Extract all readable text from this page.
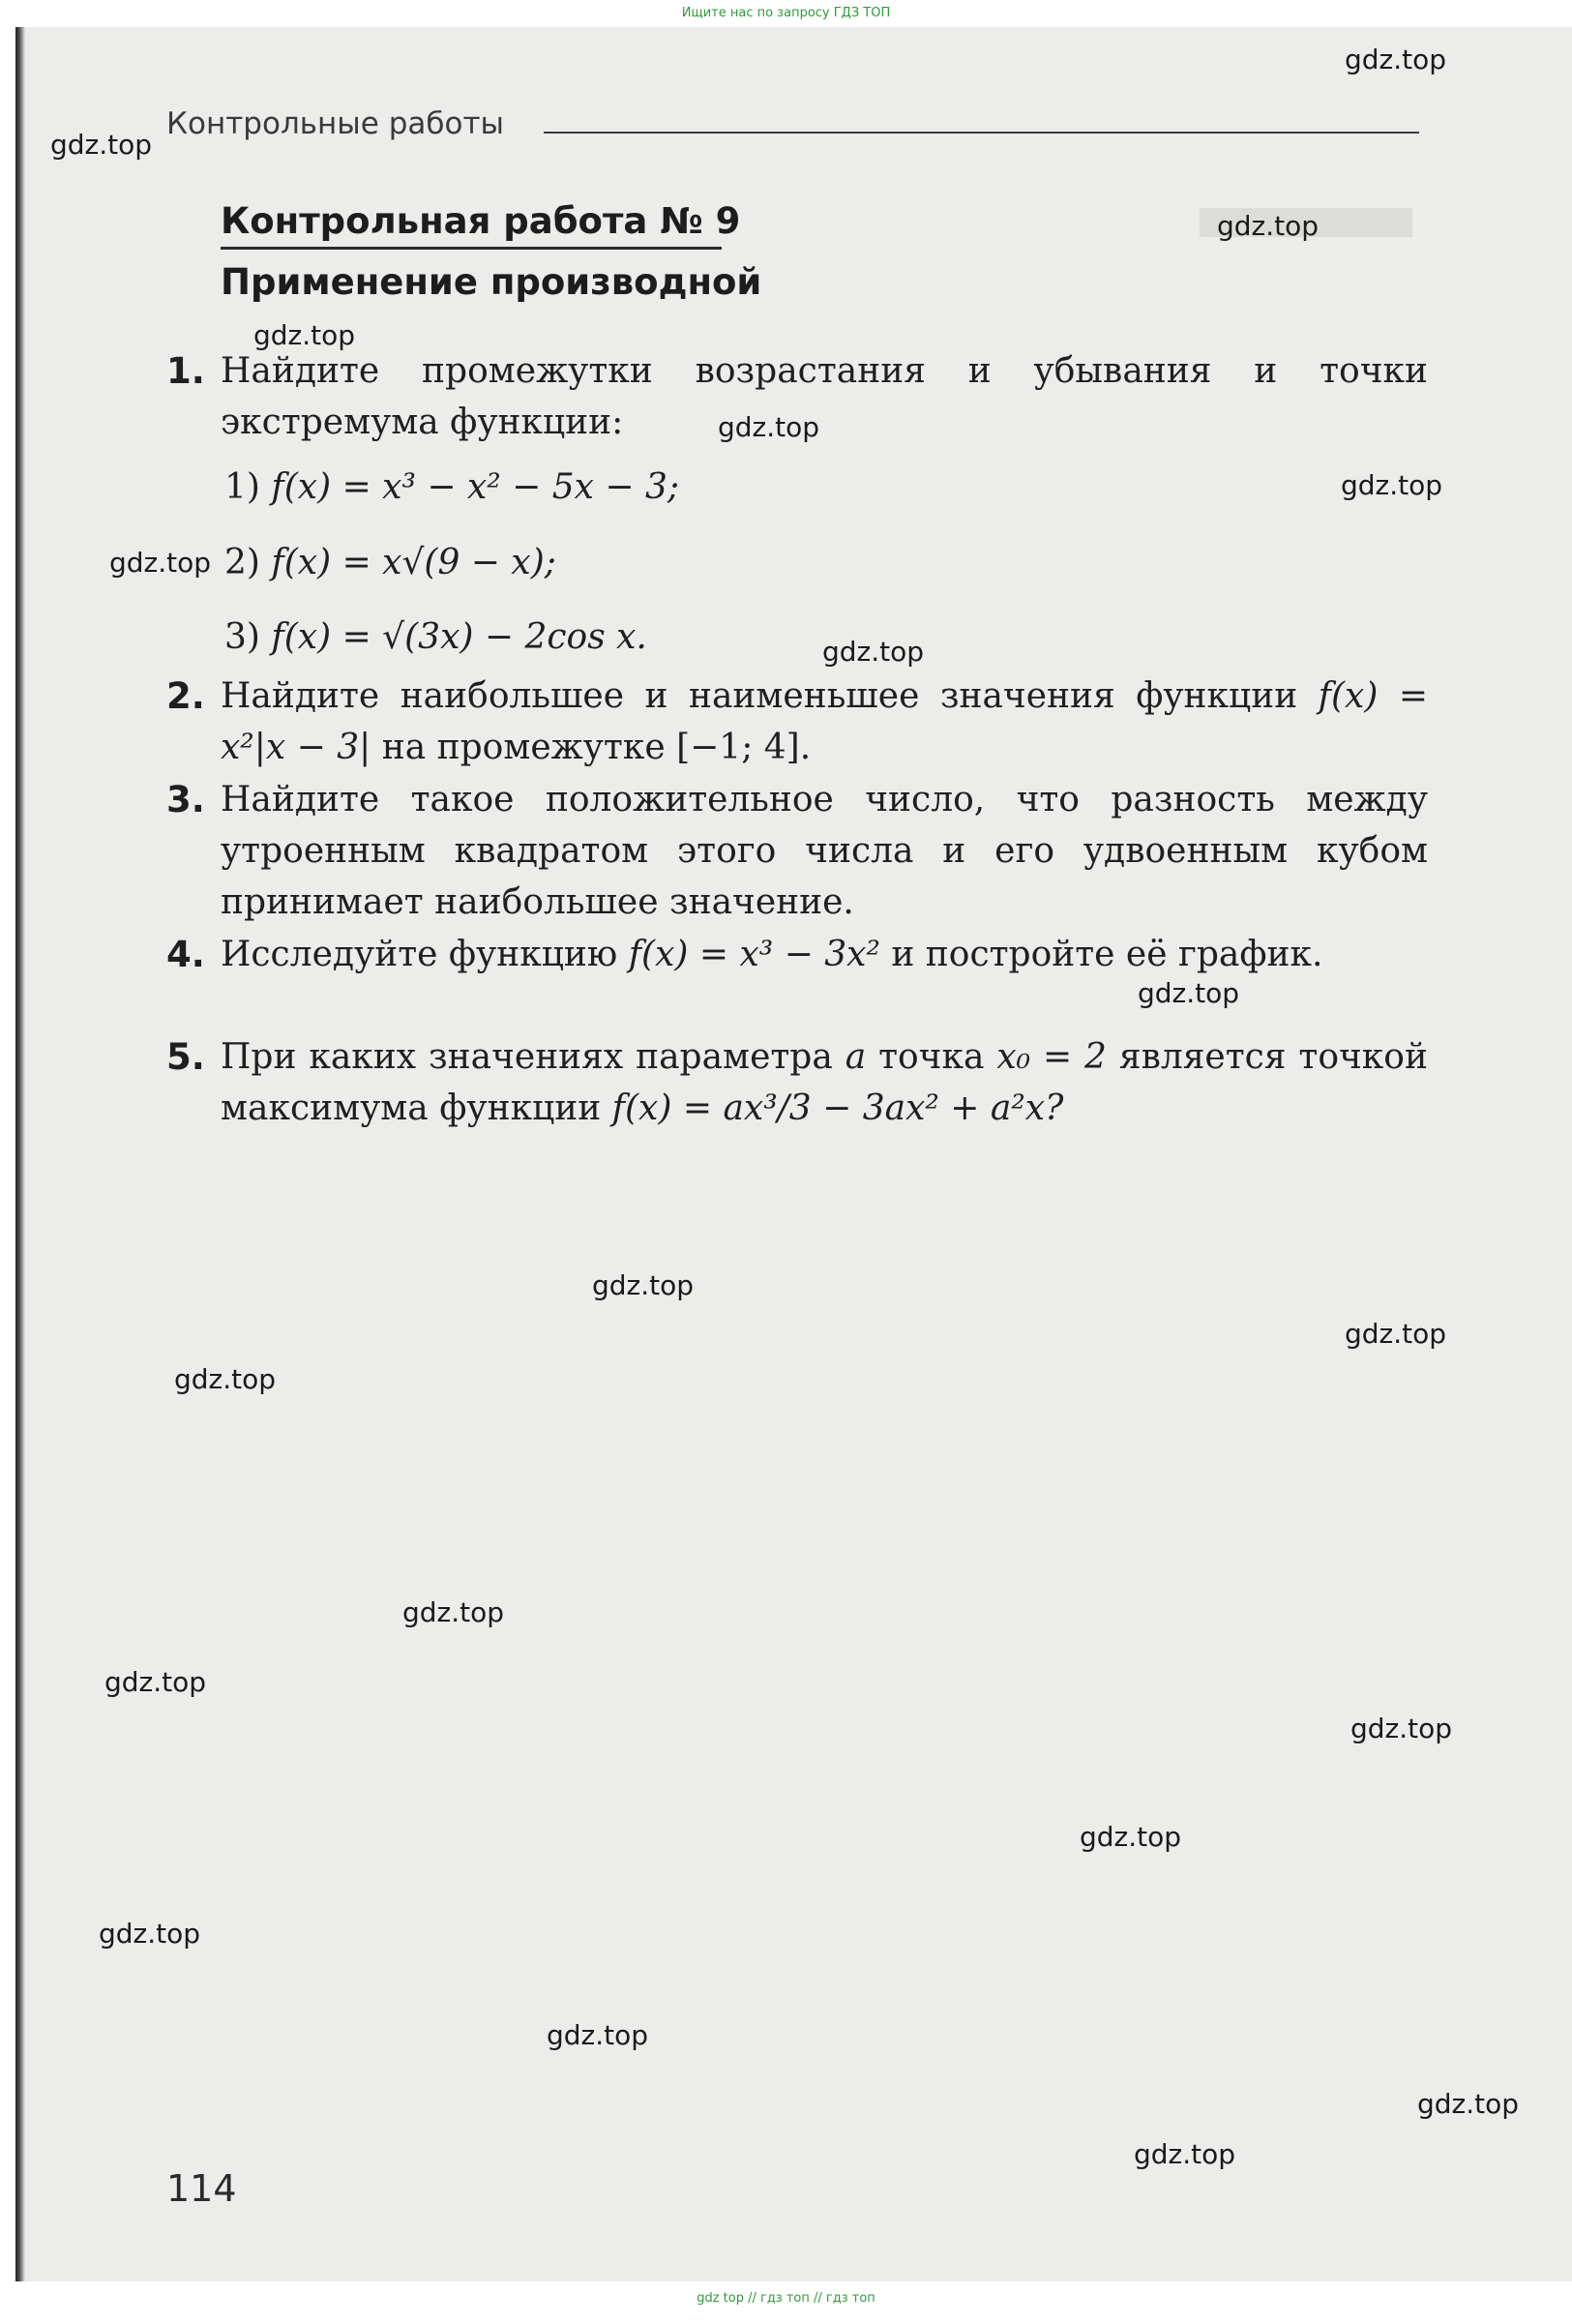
Ищите нас по запросу ГДЗ ТОП
Контрольные работы
Контрольная работа № 9
Применение производной
1. Найдите промежутки возрастания и убывания и точки экстремума функции:
1) f(x) = x³ − x² − 5x − 3;
2) f(x) = x√(9 − x);
3) f(x) = √(3x) − 2cos x.
2. Найдите наибольшее и наименьшее значения функции f(x) = x²|x − 3| на промежутке [−1; 4].
3. Найдите такое положительное число, что разность между утроенным квадратом этого числа и его удвоенным кубом принимает наибольшее значение.
4. Исследуйте функцию f(x) = x³ − 3x² и постройте её график.
5. При каких значениях параметра a точка x₀ = 2 является точкой максимума функции f(x) = ax³/3 − 3ax² + a²x?
114
gdz.top
gdz.top
gdz.top
gdz.top
gdz.top
gdz.top
gdz.top
gdz.top
gdz.top
gdz.top
gdz.top
gdz.top
gdz.top
gdz.top
gdz.top
gdz.top
gdz.top
gdz.top
gdz.top
gdz.top
gdz top // гдз топ // гдз топ
